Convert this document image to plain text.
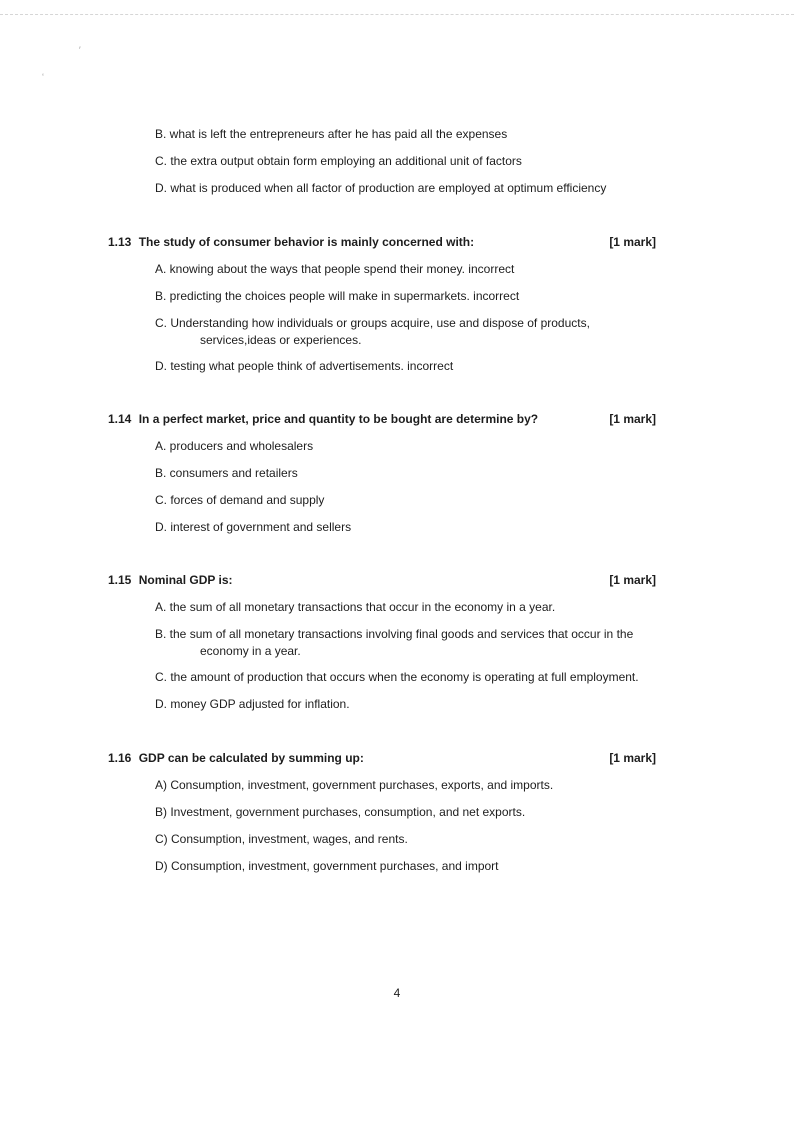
′
‘
B. what is left the entrepreneurs after he has paid all the expenses
C. the extra output obtain form employing an additional unit of factors
D. what is produced when all factor of production are employed at optimum efficiency
1.13 The study of consumer behavior is mainly concerned with:	[1 mark]
A. knowing about the ways that people spend their money. incorrect
B. predicting the choices people will make in supermarkets. incorrect
C. Understanding how individuals or groups acquire, use and dispose of products,
services,ideas or experiences.
D. testing what people think of advertisements. incorrect
1.14 In a perfect market, price and quantity to be bought are determine by?	[1 mark]
A. producers and wholesalers
B. consumers and retailers
C. forces of demand and supply
D. interest of government and sellers
1.15 Nominal GDP is:	[1 mark]
A. the sum of all monetary transactions that occur in the economy in a year.
B. the sum of all monetary transactions involving final goods and services that occur in the
economy in a year.
C. the amount of production that occurs when the economy is operating at full employment.
D. money GDP adjusted for inflation.
1.16 GDP can be calculated by summing up:	[1 mark]
A) Consumption, investment, government purchases, exports, and imports.
B) Investment, government purchases, consumption, and net exports.
C) Consumption, investment, wages, and rents.
D) Consumption, investment, government purchases, and import
4
